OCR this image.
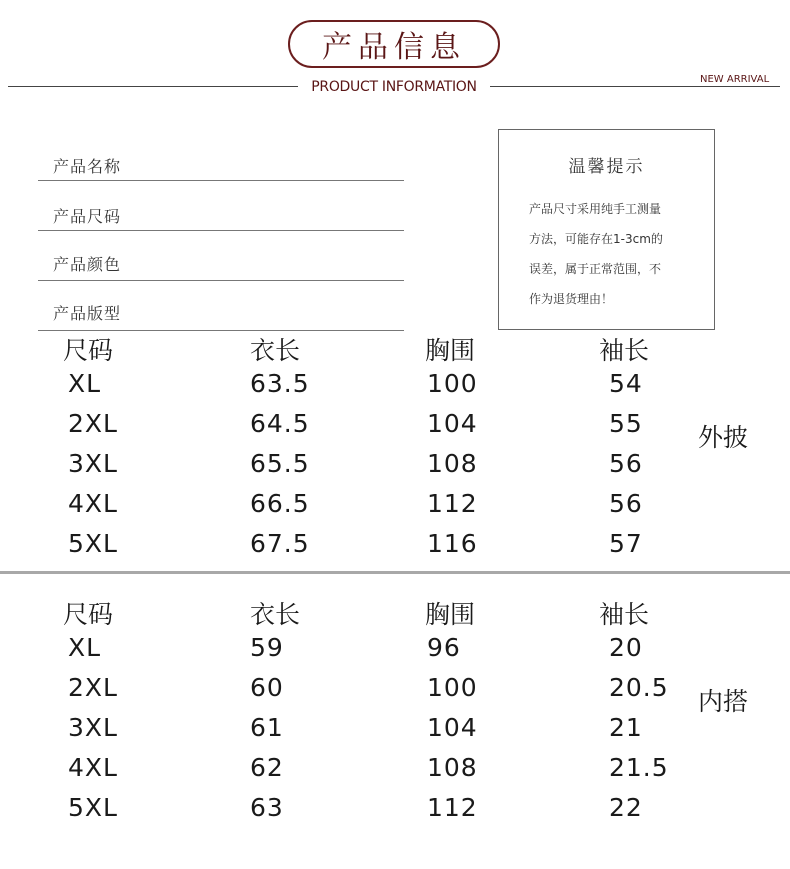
产品信息
PRODUCT INFORMATION	NEW ARRIVAL
产品名称
产品尺码
产品颜色
产品版型
温馨提示
产品尺寸采用纯手工测量
方法，可能存在1-3cm的
误差，属于正常范围，不
作为退货理由！
尺码	衣长	胸围	袖长
XL	63.5	100	54
2XL	64.5	104	55
3XL	65.5	108	56
4XL	66.5	112	56
5XL	67.5	116	57
外披
尺码	衣长	胸围	袖长
XL	59	96	20
2XL	60	100	20.5
3XL	61	104	21
4XL	62	108	21.5
5XL	63	112	22
内搭
